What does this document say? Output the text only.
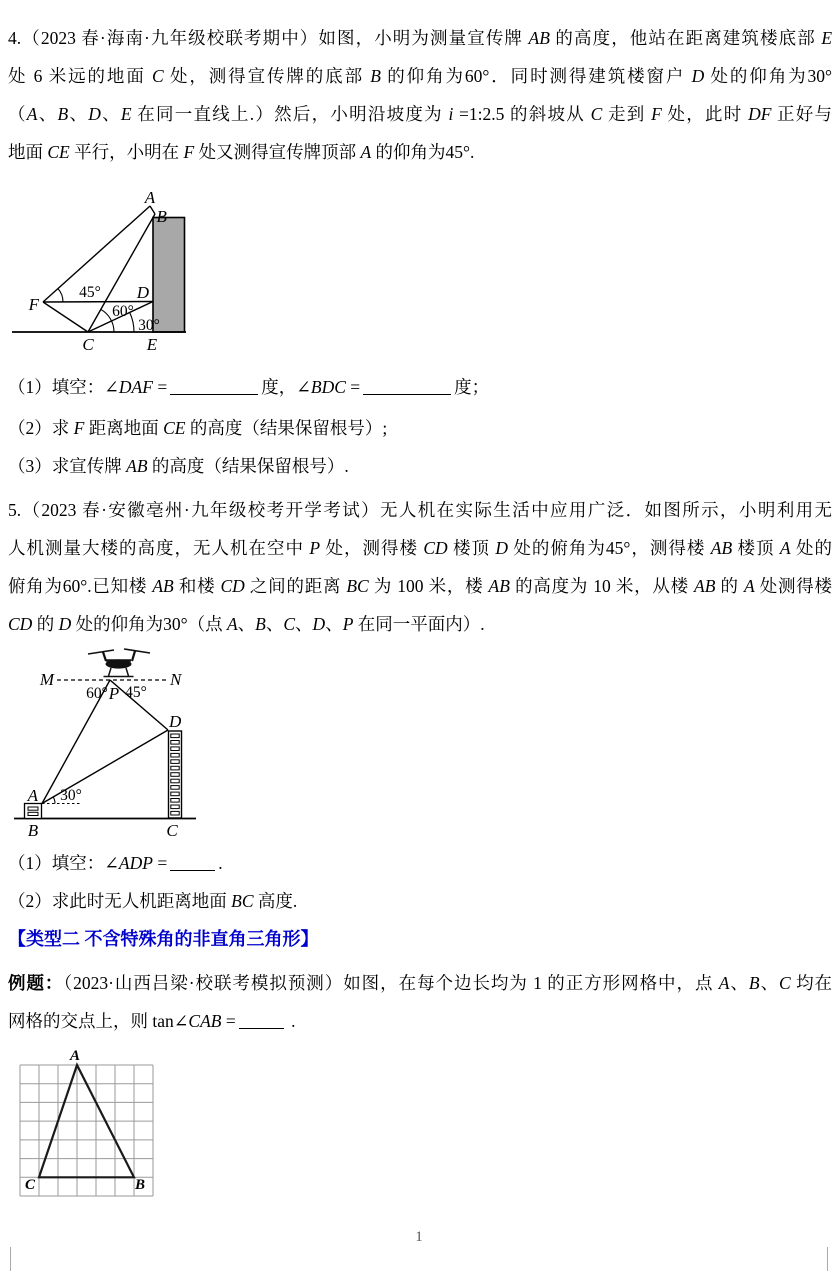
4.（2023 春·海南·九年级校联考期中）如图，小明为测量宣传牌 AB 的高度，他站在距离建筑楼底部 E
处 6 米远的地面 C 处，测得宣传牌的底部 B 的仰角为60°．同时测得建筑楼窗户 D 处的仰角为30°
（A、B、D、E 在同一直线上.）然后，小明沿坡度为 i =1:2.5 的斜坡从 C 走到 F 处，此时 DF 正好与
地面 CE 平行，小明在 F 处又测得宣传牌顶部 A 的仰角为45°.
A
B
C
D
E
F
45°
60°
30°
（1）填空：∠DAF =	度，∠BDC =	度；
（2）求 F 距离地面 CE 的高度（结果保留根号）;
（3）求宣传牌 AB 的高度（结果保留根号）.
5.（2023 春·安徽亳州·九年级校考开学考试）无人机在实际生活中应用广泛．如图所示，小明利用无
人机测量大楼的高度，无人机在空中 P 处，测得楼 CD 楼顶 D 处的俯角为45°，测得楼 AB 楼顶 A 处的
俯角为60°.已知楼 AB 和楼 CD 之间的距离 BC 为 100 米，楼 AB 的高度为 10 米，从楼 AB 的 A 处测得楼
CD 的 D 处的仰角为30°（点 A、B、C、D、P 在同一平面内）.
M	N
P
D
A
B	C
60° 45°
30°
（1）填空：∠ADP =	.
（2）求此时无人机距离地面 BC 高度.
【类型二 不含特殊角的非直角三角形】
例题：（2023·山西吕梁·校联考模拟预测）如图，在每个边长均为 1 的正方形网格中，点 A、B、C 均在
网格的交点上，则 tan∠CAB =	.
A
C	B
1
